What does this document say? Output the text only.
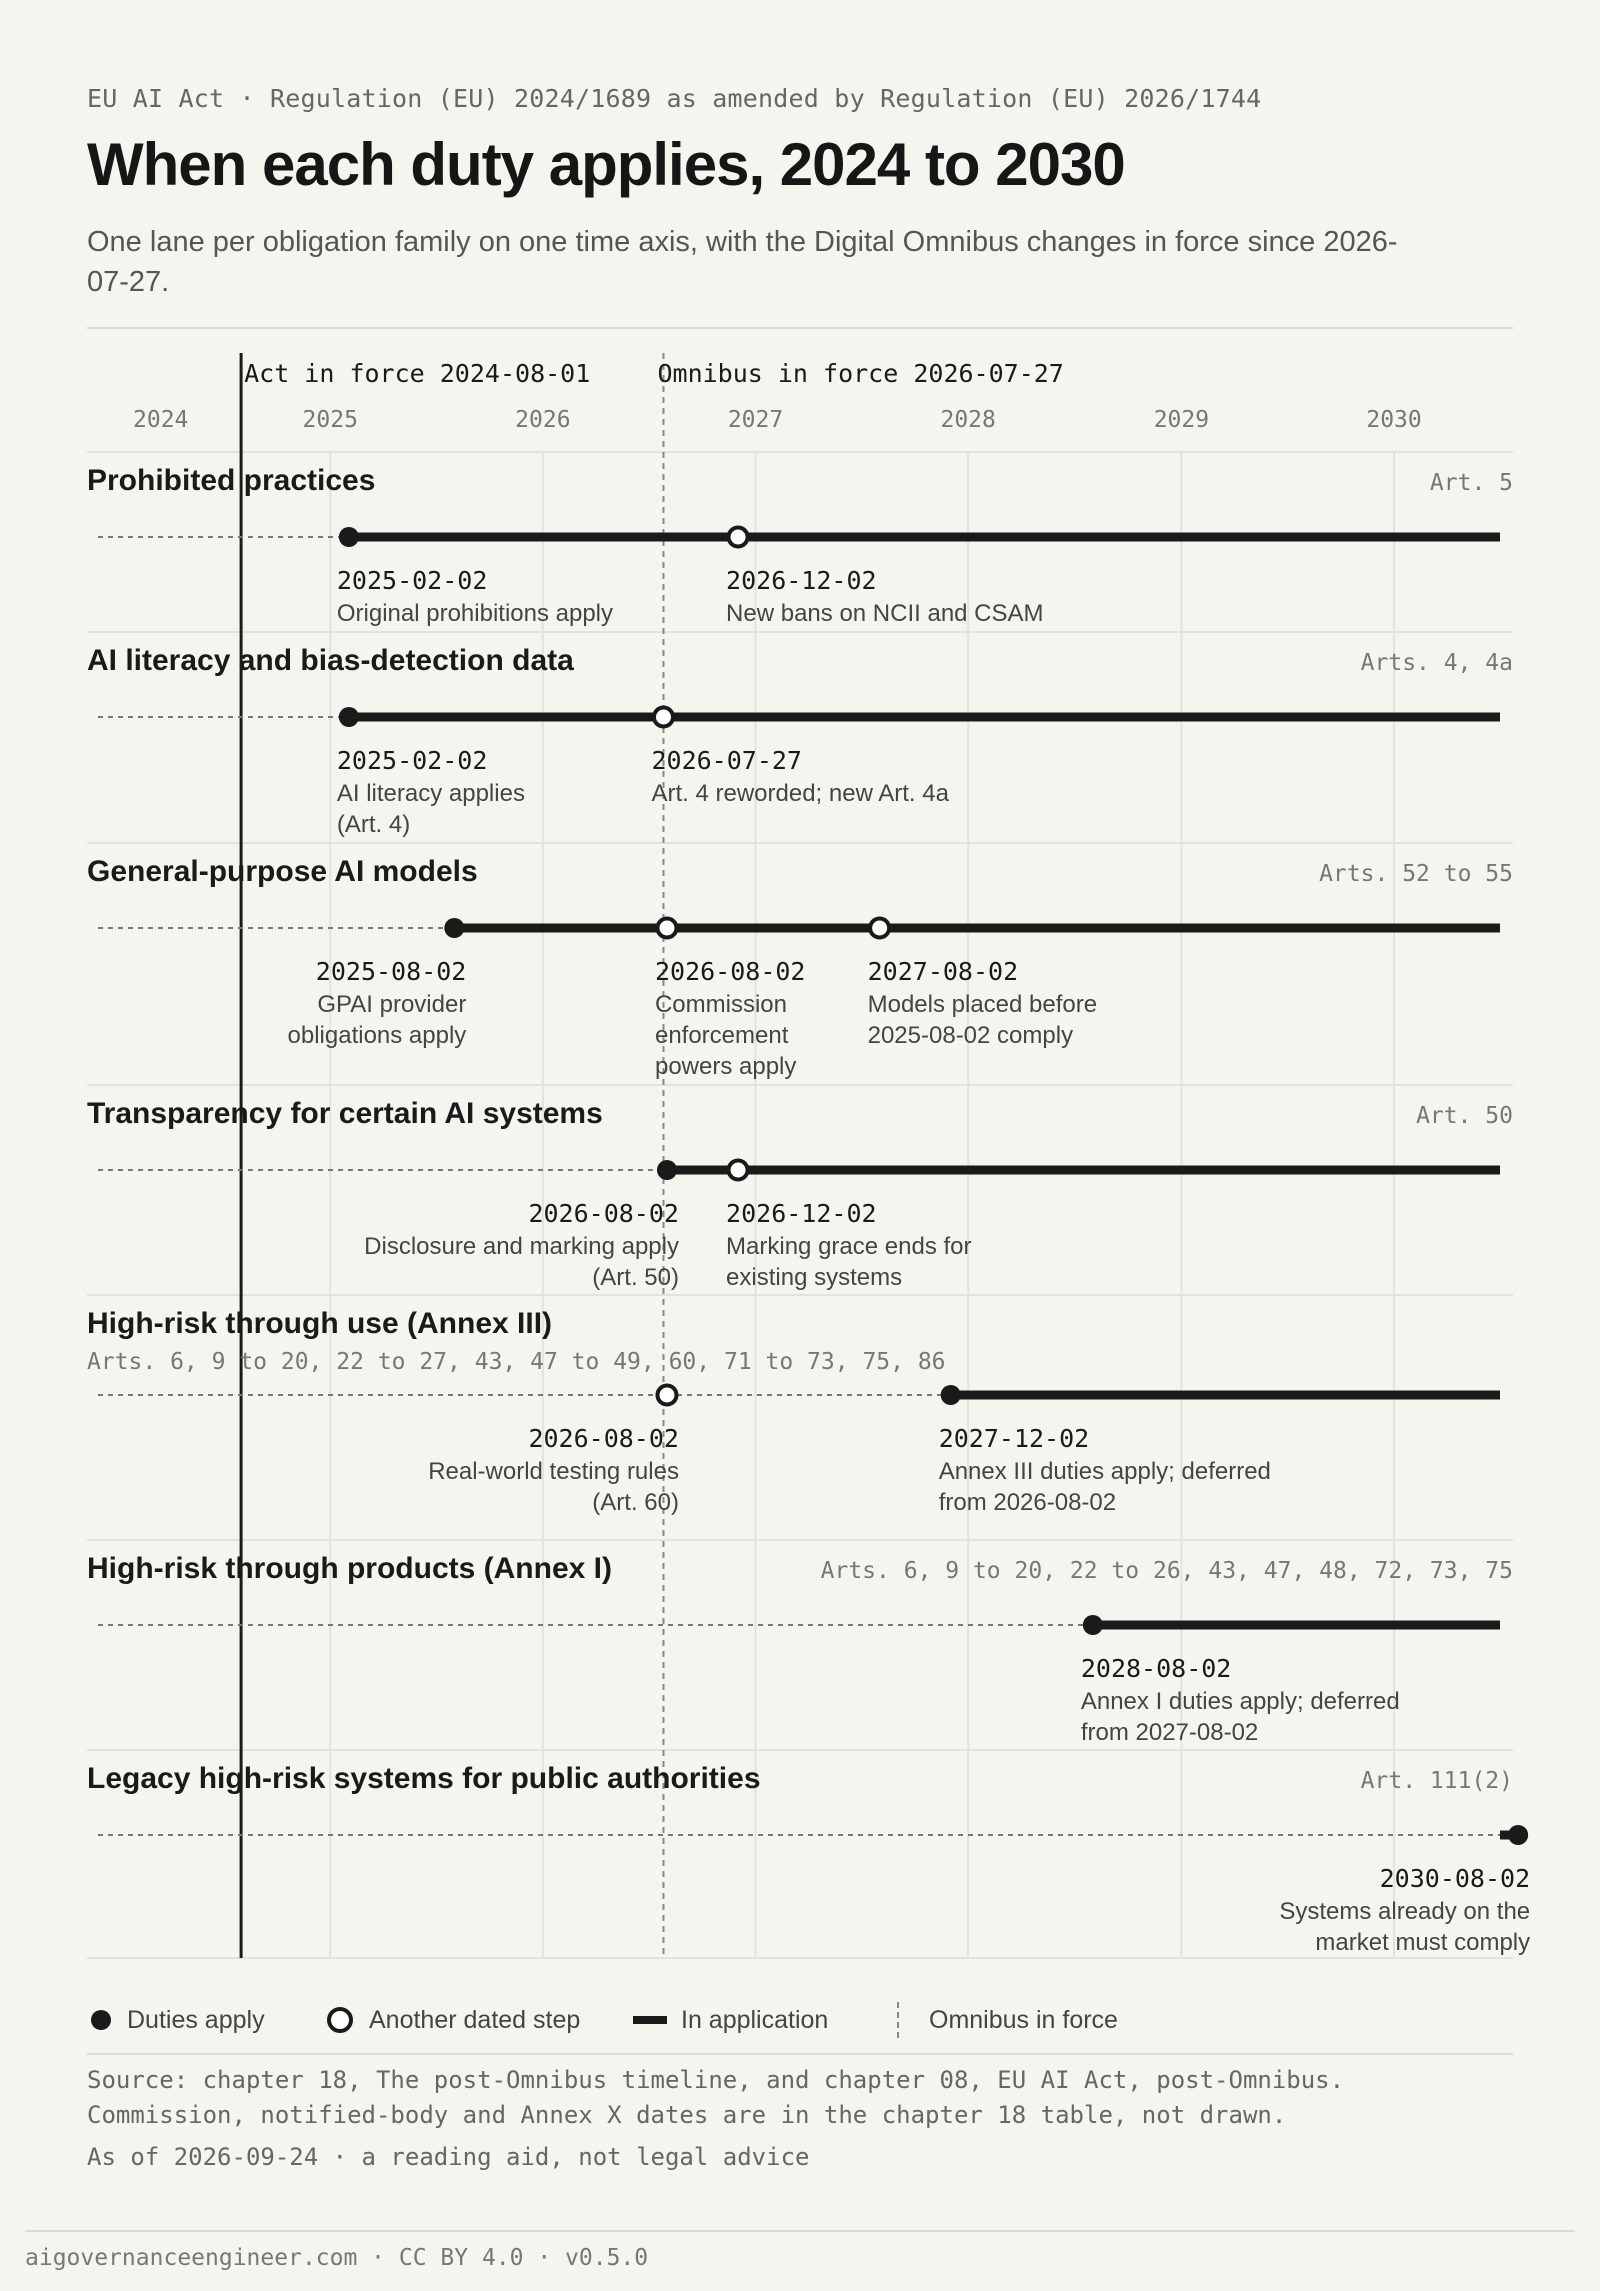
EU AI Act · Regulation (EU) 2024/1689 as amended by Regulation (EU) 2026/1744
When each duty applies, 2024 to 2030

One lane per obligation family on one time axis, with the Digital Omnibus changes in force since 2026-07-27.

2024	2025	2026	2027	2028	2029	2030
Act in force 2024-08-01	Omnibus in force 2026-07-27
Prohibited practices	Art. 5
2025-02-02
Original prohibitions apply
2026-12-02
New bans on NCII and CSAM
AI literacy and bias-detection data	Arts. 4, 4a
2025-02-02
AI literacy applies
(Art. 4)
2026-07-27
Art. 4 reworded; new Art. 4a
General-purpose AI models	Arts. 52 to 55
2025-08-02
GPAI provider
obligations apply
2026-08-02
Commission
enforcement
powers apply
2027-08-02
Models placed before
2025-08-02 comply
Transparency for certain AI systems	Art. 50
2026-08-02
Disclosure and marking apply
(Art. 50)
2026-12-02
Marking grace ends for
existing systems
High-risk through use (Annex III)
Arts. 6, 9 to 20, 22 to 27, 43, 47 to 49, 60, 71 to 73, 75, 86
2026-08-02
Real-world testing rules
(Art. 60)
2027-12-02
Annex III duties apply; deferred
from 2026-08-02
High-risk through products (Annex I)	Arts. 6, 9 to 20, 22 to 26, 43, 47, 48, 72, 73, 75
2028-08-02
Annex I duties apply; deferred
from 2027-08-02
Legacy high-risk systems for public authorities	Art. 111(2)
2030-08-02
Systems already on the
market must comply
Duties apply	Another dated step	In application	Omnibus in force
Source: chapter 18, The post-Omnibus timeline, and chapter 08, EU AI Act, post-Omnibus.
Commission, notified-body and Annex X dates are in the chapter 18 table, not drawn.
As of 2026-09-24 · a reading aid, not legal advice
aigovernanceengineer.com · CC BY 4.0 · v0.5.0
